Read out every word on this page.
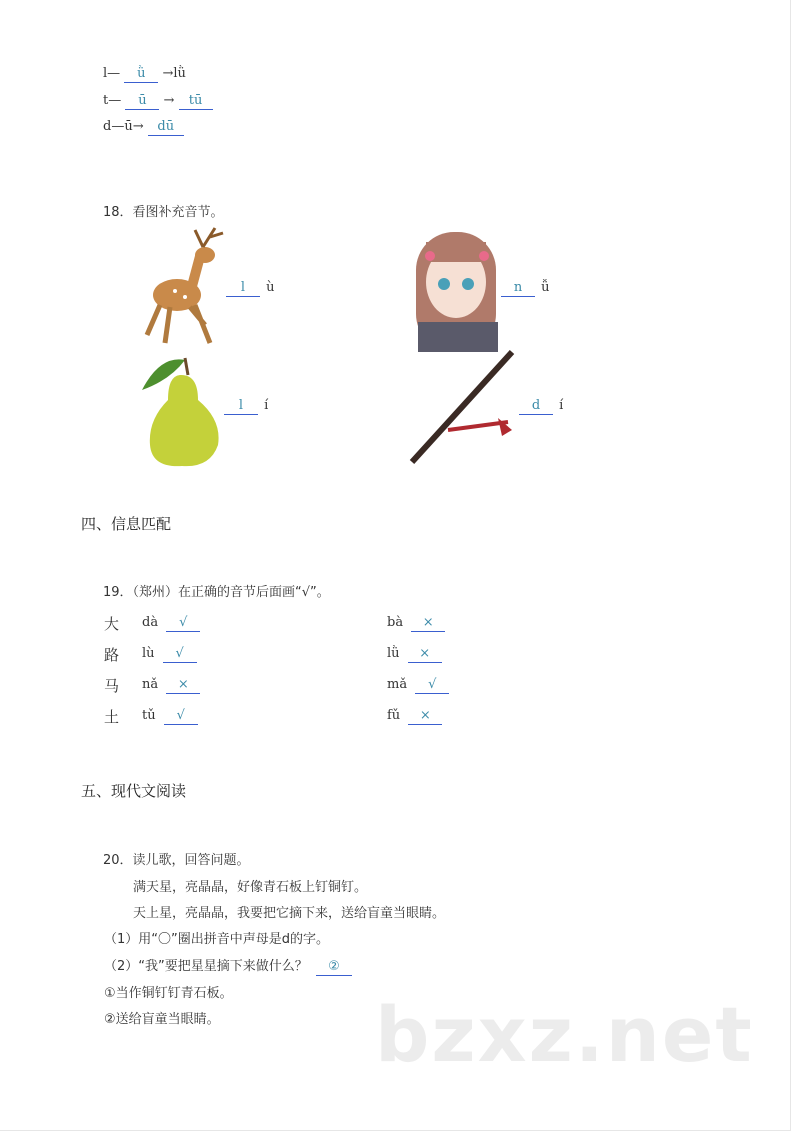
l— ǜ →lǜ
t— ū → tū
d—ū→ dū
18．看图补充音节。
l ù	n ǚ
l í	d í
四、信息匹配
19．（郑州）在正确的音节后面画“√”。
大 dà √	bà ×
路 lù √	lǜ ×
马 nǎ ×	mǎ √
土 tǔ √	fǔ ×
五、现代文阅读
20．读儿歌，回答问题。
满天星，亮晶晶，好像青石板上钉铜钉。
天上星，亮晶晶，我要把它摘下来，送给盲童当眼睛。
（1）用“〇”圈出拼音中声母是d的字。
（2）“我”要把星星摘下来做什么？ ②
①当作铜钉钉青石板。
②送给盲童当眼睛。 bzxz.net
